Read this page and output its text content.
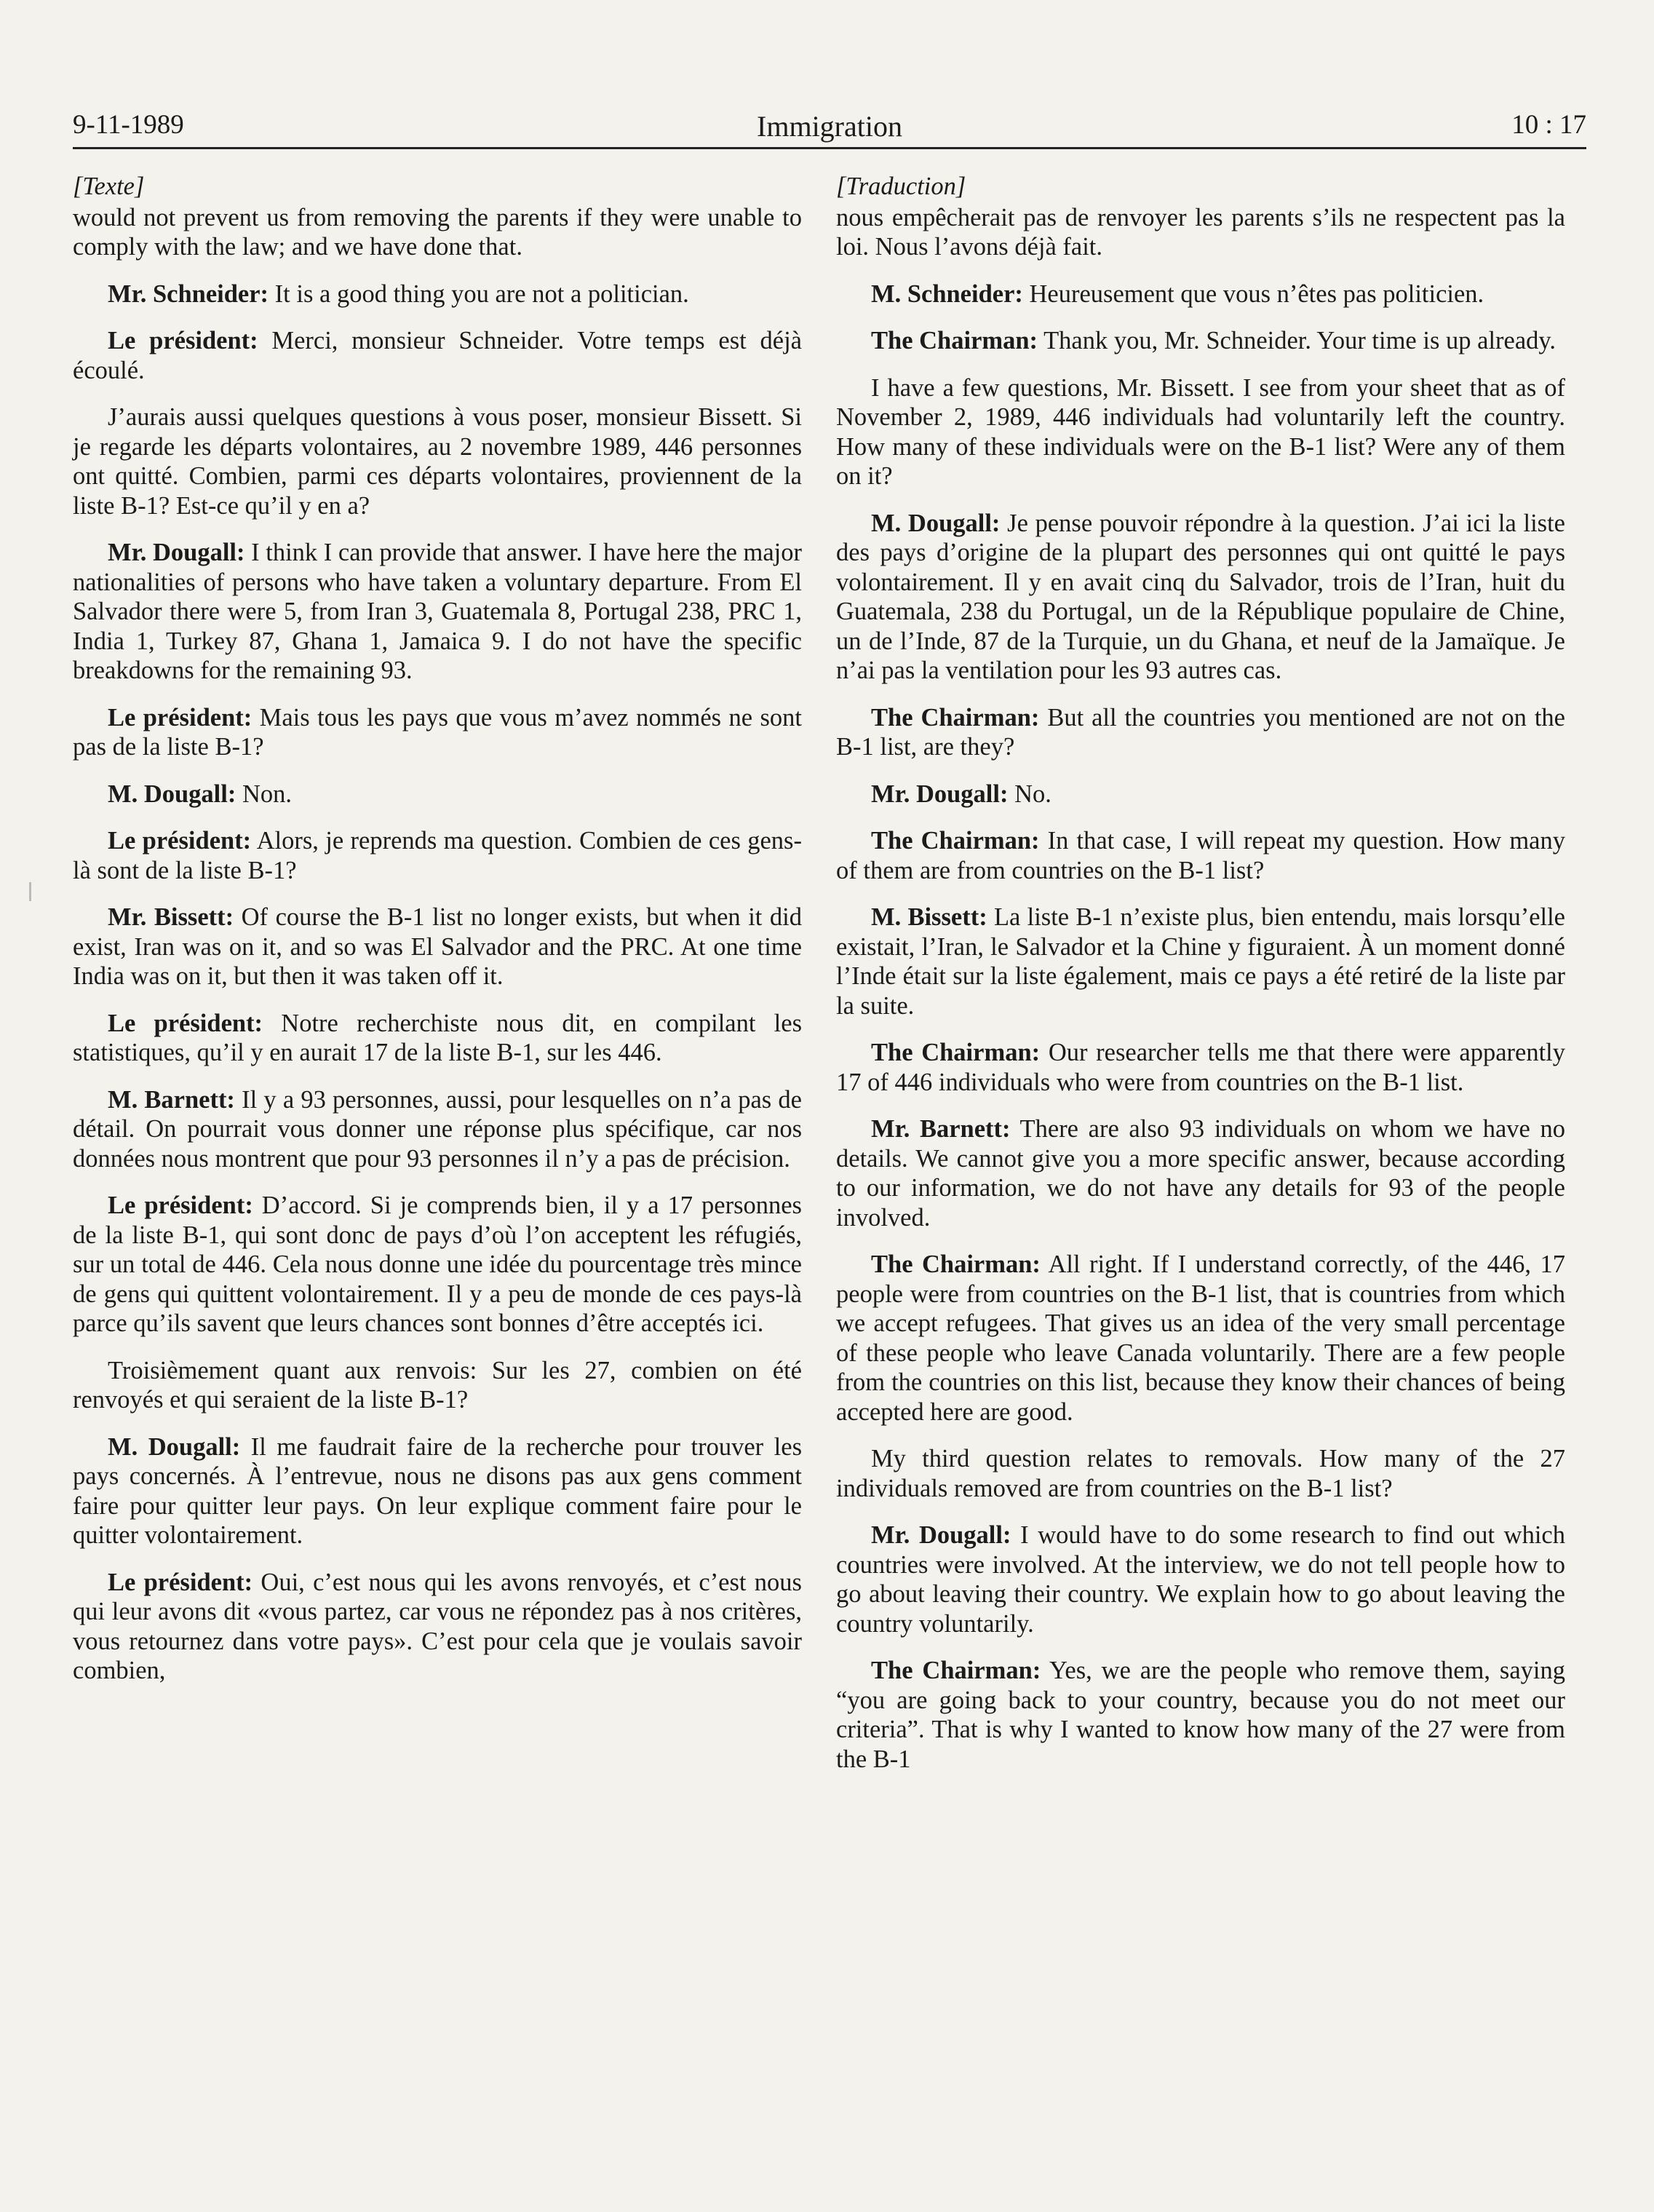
9-11-1989	Immigration	10 : 17
[Texte]

would not prevent us from removing the parents if they were unable to comply with the law; and we have done that.

Mr. Schneider: It is a good thing you are not a politician.

Le président: Merci, monsieur Schneider. Votre temps est déjà écoulé.

J’aurais aussi quelques questions à vous poser, monsieur Bissett. Si je regarde les départs volontaires, au 2 novembre 1989, 446 personnes ont quitté. Combien, parmi ces départs volontaires, proviennent de la liste B-1? Est-ce qu’il y en a?

Mr. Dougall: I think I can provide that answer. I have here the major nationalities of persons who have taken a voluntary departure. From El Salvador there were 5, from Iran 3, Guatemala 8, Portugal 238, PRC 1, India 1, Turkey 87, Ghana 1, Jamaica 9. I do not have the specific breakdowns for the remaining 93.

Le président: Mais tous les pays que vous m’avez nommés ne sont pas de la liste B-1?

M. Dougall: Non.

Le président: Alors, je reprends ma question. Combien de ces gens-là sont de la liste B-1?

Mr. Bissett: Of course the B-1 list no longer exists, but when it did exist, Iran was on it, and so was El Salvador and the PRC. At one time India was on it, but then it was taken off it.

Le président: Notre recherchiste nous dit, en compilant les statistiques, qu’il y en aurait 17 de la liste B-1, sur les 446.

M. Barnett: Il y a 93 personnes, aussi, pour lesquelles on n’a pas de détail. On pourrait vous donner une réponse plus spécifique, car nos données nous montrent que pour 93 personnes il n’y a pas de précision.

Le président: D’accord. Si je comprends bien, il y a 17 personnes de la liste B-1, qui sont donc de pays d’où l’on acceptent les réfugiés, sur un total de 446. Cela nous donne une idée du pourcentage très mince de gens qui quittent volontairement. Il y a peu de monde de ces pays-là parce qu’ils savent que leurs chances sont bonnes d’être acceptés ici.

Troisièmement quant aux renvois: Sur les 27, combien on été renvoyés et qui seraient de la liste B-1?

M. Dougall: Il me faudrait faire de la recherche pour trouver les pays concernés. À l’entrevue, nous ne disons pas aux gens comment faire pour quitter leur pays. On leur explique comment faire pour le quitter volontairement.

Le président: Oui, c’est nous qui les avons renvoyés, et c’est nous qui leur avons dit «vous partez, car vous ne répondez pas à nos critères, vous retournez dans votre pays». C’est pour cela que je voulais savoir combien,

[Traduction]

nous empêcherait pas de renvoyer les parents s’ils ne respectent pas la loi. Nous l’avons déjà fait.

M. Schneider: Heureusement que vous n’êtes pas politicien.

The Chairman: Thank you, Mr. Schneider. Your time is up already.

I have a few questions, Mr. Bissett. I see from your sheet that as of November 2, 1989, 446 individuals had voluntarily left the country. How many of these individuals were on the B-1 list? Were any of them on it?

M. Dougall: Je pense pouvoir répondre à la question. J’ai ici la liste des pays d’origine de la plupart des personnes qui ont quitté le pays volontairement. Il y en avait cinq du Salvador, trois de l’Iran, huit du Guatemala, 238 du Portugal, un de la République populaire de Chine, un de l’Inde, 87 de la Turquie, un du Ghana, et neuf de la Jamaïque. Je n’ai pas la ventilation pour les 93 autres cas.

The Chairman: But all the countries you mentioned are not on the B-1 list, are they?

Mr. Dougall: No.

The Chairman: In that case, I will repeat my question. How many of them are from countries on the B-1 list?

M. Bissett: La liste B-1 n’existe plus, bien entendu, mais lorsqu’elle existait, l’Iran, le Salvador et la Chine y figuraient. À un moment donné l’Inde était sur la liste également, mais ce pays a été retiré de la liste par la suite.

The Chairman: Our researcher tells me that there were apparently 17 of 446 individuals who were from countries on the B-1 list.

Mr. Barnett: There are also 93 individuals on whom we have no details. We cannot give you a more specific answer, because according to our information, we do not have any details for 93 of the people involved.

The Chairman: All right. If I understand correctly, of the 446, 17 people were from countries on the B-1 list, that is countries from which we accept refugees. That gives us an idea of the very small percentage of these people who leave Canada voluntarily. There are a few people from the countries on this list, because they know their chances of being accepted here are good.

My third question relates to removals. How many of the 27 individuals removed are from countries on the B-1 list?

Mr. Dougall: I would have to do some research to find out which countries were involved. At the interview, we do not tell people how to go about leaving their country. We explain how to go about leaving the country voluntarily.

The Chairman: Yes, we are the people who remove them, saying “you are going back to your country, because you do not meet our criteria”. That is why I wanted to know how many of the 27 were from the B-1
